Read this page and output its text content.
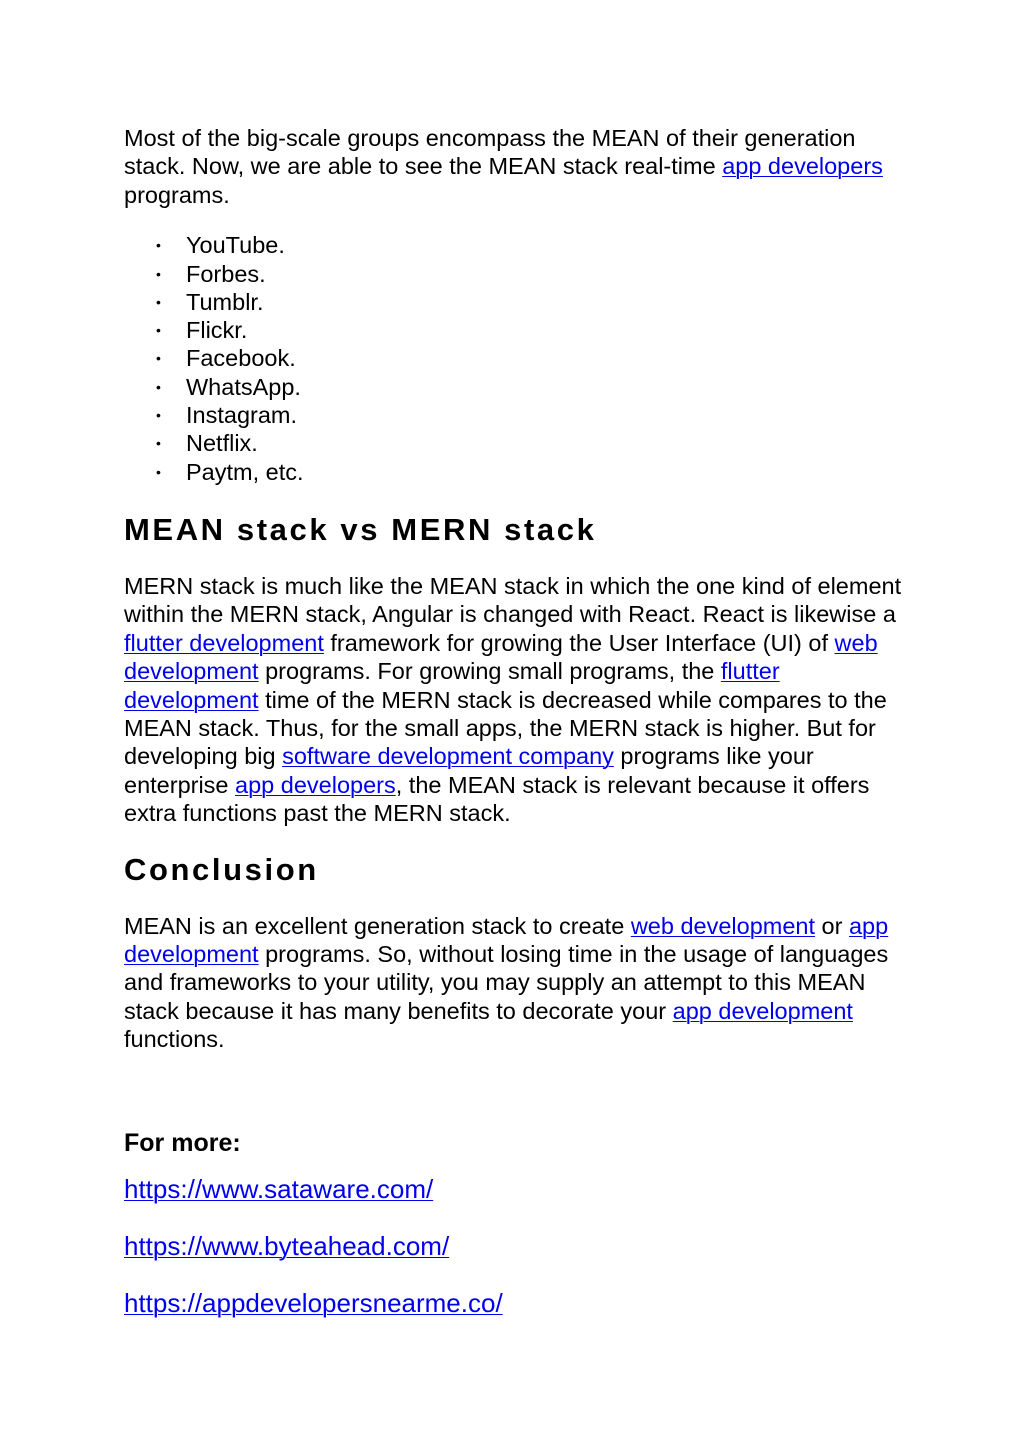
Most of the big-scale groups encompass the MEAN of their generation stack. Now, we are able to see the MEAN stack real-time app developers programs.

• YouTube.
• Forbes.
• Tumblr.
• Flickr.
• Facebook.
• WhatsApp.
• Instagram.
• Netflix.
• Paytm, etc.
MEAN stack vs MERN stack

MERN stack is much like the MEAN stack in which the one kind of element within the MERN stack, Angular is changed with React. React is likewise a flutter development framework for growing the User Interface (UI) of web development programs. For growing small programs, the flutter development time of the MERN stack is decreased while compares to the MEAN stack. Thus, for the small apps, the MERN stack is higher. But for developing big software development company programs like your enterprise app developers, the MEAN stack is relevant because it offers extra functions past the MERN stack.

Conclusion

MEAN is an excellent generation stack to create web development or app development programs. So, without losing time in the usage of languages and frameworks to your utility, you may supply an attempt to this MEAN stack because it has many benefits to decorate your app development functions.

For more:

https://www.sataware.com/

https://www.byteahead.com/

https://appdevelopersnearme.co/
